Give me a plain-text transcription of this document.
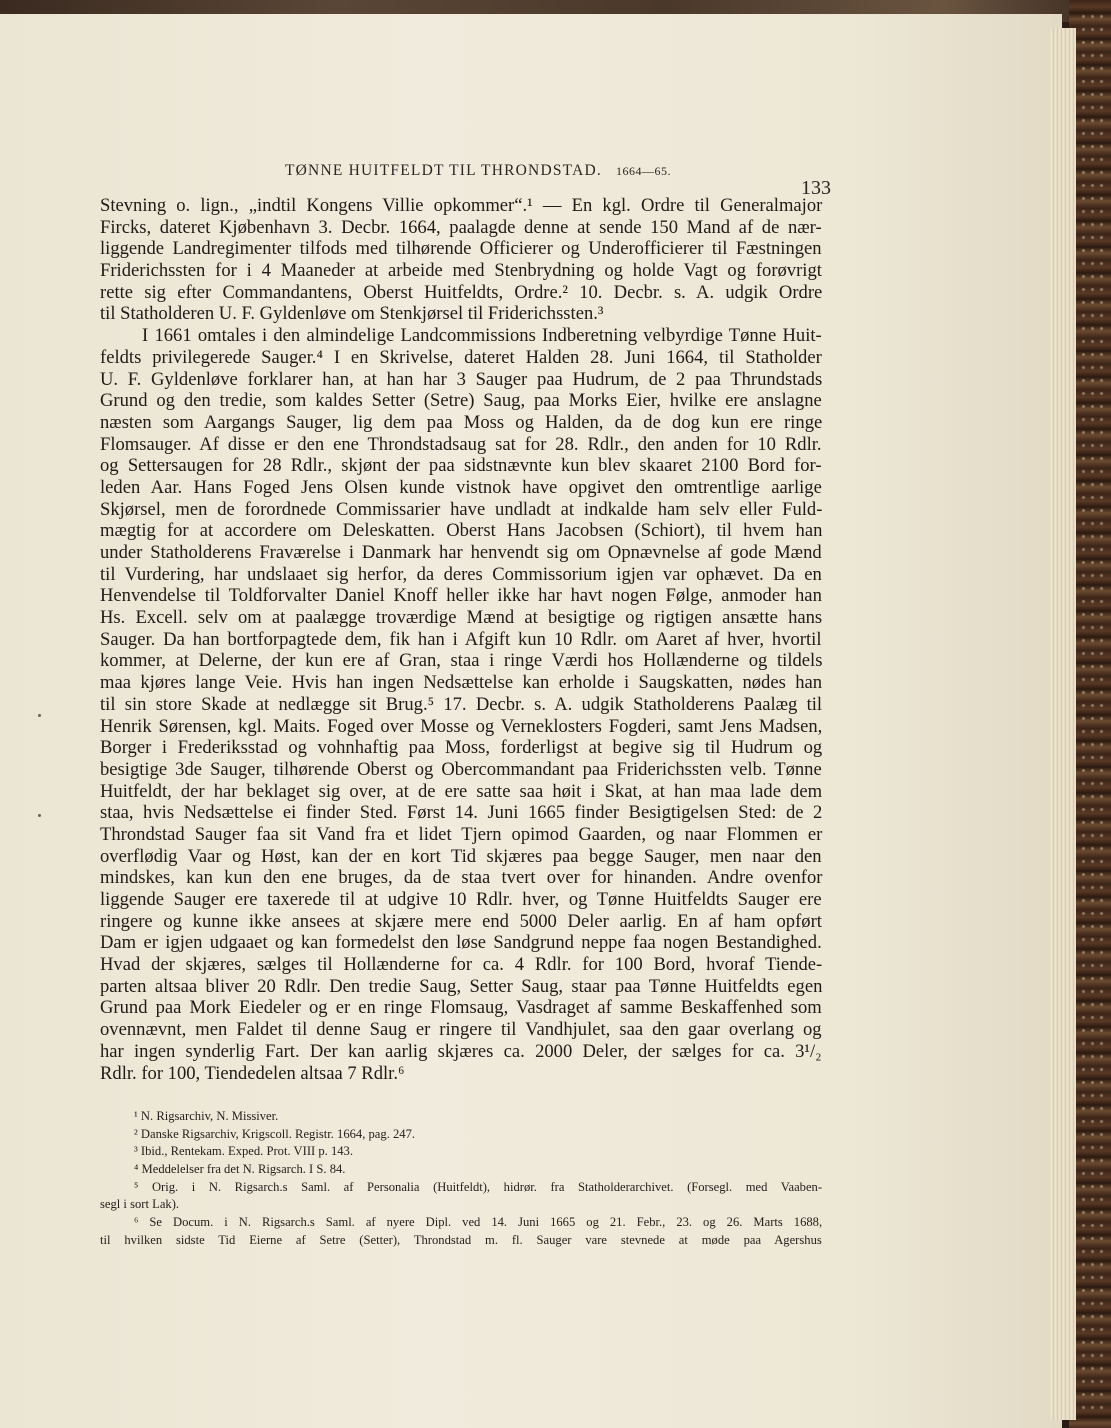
TØNNE HUITFELDT TIL THRONDSTAD. 1664—65.
133
Stevning o. lign., „indtil Kongens Villie opkommer“.¹ — En kgl. Ordre til Generalmajor
Fircks, dateret Kjøbenhavn 3. Decbr. 1664, paalagde denne at sende 150 Mand af de nær-
liggende Landregimenter tilfods med tilhørende Officierer og Underofficierer til Fæstningen
Friderichssten for i 4 Maaneder at arbeide med Stenbrydning og holde Vagt og forøvrigt
rette sig efter Commandantens, Oberst Huitfeldts, Ordre.² 10. Decbr. s. A. udgik Ordre
til Statholderen U. F. Gyldenløve om Stenkjørsel til Friderichssten.³
I 1661 omtales i den almindelige Landcommissions Indberetning velbyrdige Tønne Huit-
feldts privilegerede Sauger.⁴ I en Skrivelse, dateret Halden 28. Juni 1664, til Statholder
U. F. Gyldenløve forklarer han, at han har 3 Sauger paa Hudrum, de 2 paa Thrundstads
Grund og den tredie, som kaldes Setter (Setre) Saug, paa Morks Eier, hvilke ere anslagne
næsten som Aargangs Sauger, lig dem paa Moss og Halden, da de dog kun ere ringe
Flomsauger. Af disse er den ene Throndstadsaug sat for 28. Rdlr., den anden for 10 Rdlr.
og Settersaugen for 28 Rdlr., skjønt der paa sidstnævnte kun blev skaaret 2100 Bord for-
leden Aar. Hans Foged Jens Olsen kunde vistnok have opgivet den omtrentlige aarlige
Skjørsel, men de forordnede Commissarier have undladt at indkalde ham selv eller Fuld-
mægtig for at accordere om Deleskatten. Oberst Hans Jacobsen (Schiort), til hvem han
under Statholderens Fraværelse i Danmark har henvendt sig om Opnævnelse af gode Mænd
til Vurdering, har undslaaet sig herfor, da deres Commissorium igjen var ophævet. Da en
Henvendelse til Toldforvalter Daniel Knoff heller ikke har havt nogen Følge, anmoder han
Hs. Excell. selv om at paalægge troværdige Mænd at besigtige og rigtigen ansætte hans
Sauger. Da han bortforpagtede dem, fik han i Afgift kun 10 Rdlr. om Aaret af hver, hvortil
kommer, at Delerne, der kun ere af Gran, staa i ringe Værdi hos Hollænderne og tildels
maa kjøres lange Veie. Hvis han ingen Nedsættelse kan erholde i Saugskatten, nødes han
til sin store Skade at nedlægge sit Brug.⁵ 17. Decbr. s. A. udgik Statholderens Paalæg til
Henrik Sørensen, kgl. Maits. Foged over Mosse og Verneklosters Fogderi, samt Jens Madsen,
Borger i Frederiksstad og vohnhaftig paa Moss, forderligst at begive sig til Hudrum og
besigtige 3de Sauger, tilhørende Oberst og Obercommandant paa Friderichssten velb. Tønne
Huitfeldt, der har beklaget sig over, at de ere satte saa høit i Skat, at han maa lade dem
staa, hvis Nedsættelse ei finder Sted. Først 14. Juni 1665 finder Besigtigelsen Sted: de 2
Throndstad Sauger faa sit Vand fra et lidet Tjern opimod Gaarden, og naar Flommen er
overflødig Vaar og Høst, kan der en kort Tid skjæres paa begge Sauger, men naar den
mindskes, kan kun den ene bruges, da de staa tvert over for hinanden. Andre ovenfor
liggende Sauger ere taxerede til at udgive 10 Rdlr. hver, og Tønne Huitfeldts Sauger ere
ringere og kunne ikke ansees at skjære mere end 5000 Deler aarlig. En af ham opført
Dam er igjen udgaaet og kan formedelst den løse Sandgrund neppe faa nogen Bestandighed.
Hvad der skjæres, sælges til Hollænderne for ca. 4 Rdlr. for 100 Bord, hvoraf Tiende-
parten altsaa bliver 20 Rdlr. Den tredie Saug, Setter Saug, staar paa Tønne Huitfeldts egen
Grund paa Mork Eiedeler og er en ringe Flomsaug, Vasdraget af samme Beskaffenhed som
ovennævnt, men Faldet til denne Saug er ringere til Vandhjulet, saa den gaar overlang og
har ingen synderlig Fart. Der kan aarlig skjæres ca. 2000 Deler, der sælges for ca. 3¹/₂
Rdlr. for 100, Tiendedelen altsaa 7 Rdlr.⁶
¹ N. Rigsarchiv, N. Missiver.
² Danske Rigsarchiv, Krigscoll. Registr. 1664, pag. 247.
³ Ibid., Rentekam. Exped. Prot. VIII p. 143.
⁴ Meddelelser fra det N. Rigsarch. I S. 84.
⁵ Orig. i N. Rigsarch.s Saml. af Personalia (Huitfeldt), hidrør. fra Statholderarchivet. (Forsegl. med Vaaben-
segl i sort Lak).
⁶ Se Docum. i N. Rigsarch.s Saml. af nyere Dipl. ved 14. Juni 1665 og 21. Febr., 23. og 26. Marts 1688,
til hvilken sidste Tid Eierne af Setre (Setter), Throndstad m. fl. Sauger vare stevnede at møde paa Agershus
